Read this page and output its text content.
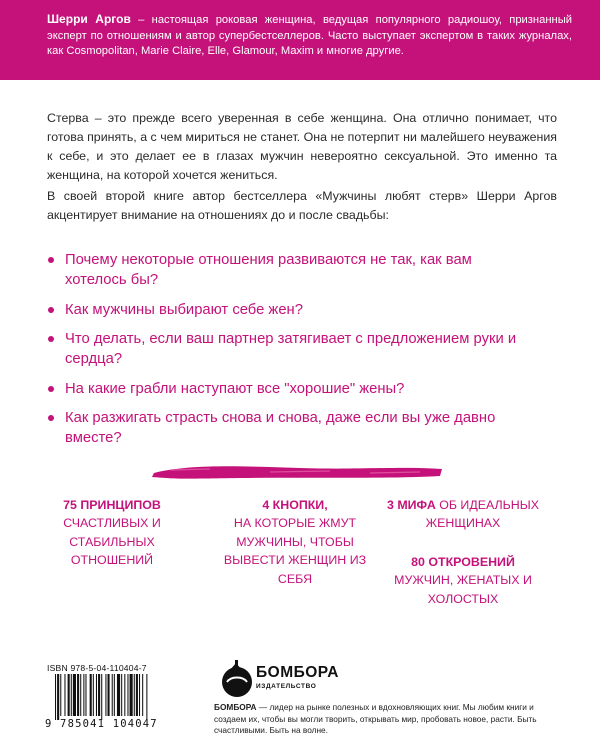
Шерри Аргов – настоящая роковая женщина, ведущая популярного радиошоу, признанный эксперт по отношениям и автор супербестселлеров. Часто выступает экспертом в таких журналах, как Cosmopolitan, Marie Claire, Elle, Glamour, Maxim и многие другие.

Стерва – это прежде всего уверенная в себе женщина. Она отлично понимает, что готова принять, а с чем мириться не станет. Она не потерпит ни малейшего неуважения к себе, и это делает ее в глазах мужчин невероятно сексуальной. Это именно та женщина, на которой хочется жениться.

В своей второй книге автор бестселлера «Мужчины любят стерв» Шерри Аргов акцентирует внимание на отношениях до и после свадьбы:

Почему некоторые отношения развиваются не так, как вам хотелось бы?
Как мужчины выбирают себе жен?
Что делать, если ваш партнер затягивает с предложением руки и сердца?
На какие грабли наступают все "хорошие" жены?
Как разжигать страсть снова и снова, даже если вы уже давно вместе?
75 ПРИНЦИПОВ
СЧАСТЛИВЫХ И СТАБИЛЬНЫХ ОТНОШЕНИЙ
4 КНОПКИ,
НА КОТОРЫЕ ЖМУТ МУЖЧИНЫ, ЧТОБЫ ВЫВЕСТИ ЖЕНЩИН ИЗ СЕБЯ
3 МИФА ОБ ИДЕАЛЬНЫХ ЖЕНЩИНАХ
80 ОТКРОВЕНИЙ
МУЖЧИН, ЖЕНАТЫХ И ХОЛОСТЫХ
ISBN 978-5-04-110404-7
9 785041 104047
БОМБОРА
ИЗДАТЕЛЬСТВО

БОМБОРА — лидер на рынке полезных и вдохновляющих книг. Мы любим книги и создаем их, чтобы вы могли творить, открывать мир, пробовать новое, расти. Быть счастливыми. Быть на волне.
